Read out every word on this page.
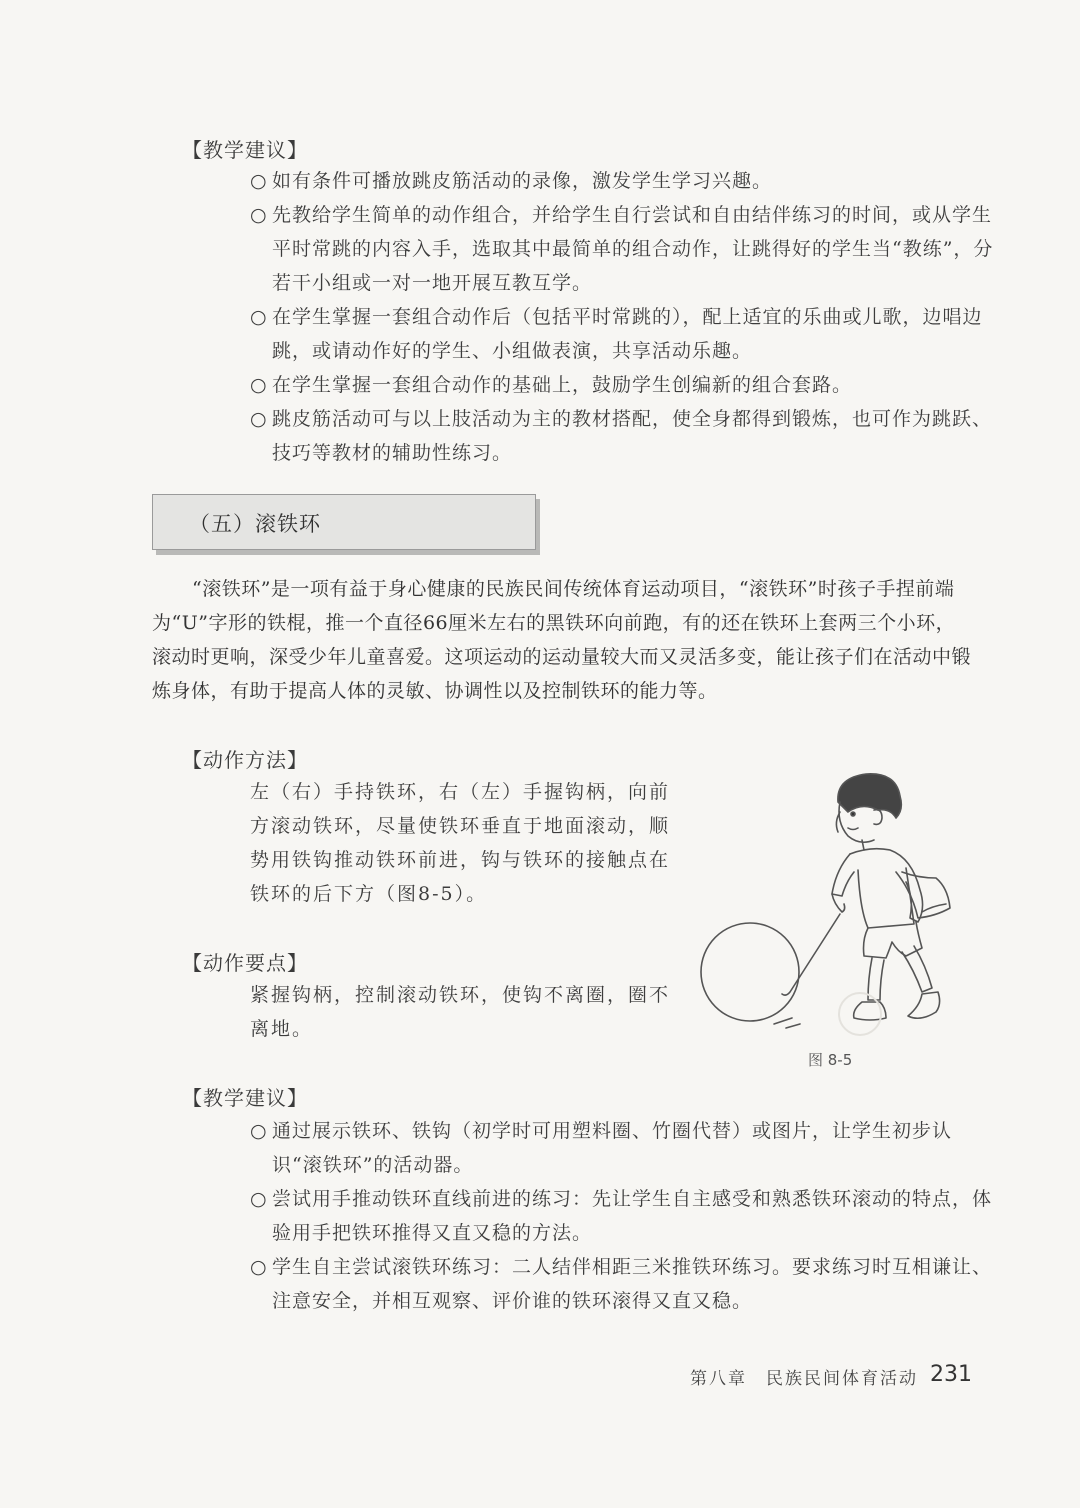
【教学建议】
○ 如有条件可播放跳皮筋活动的录像，激发学生学习兴趣。
○ 先教给学生简单的动作组合，并给学生自行尝试和自由结伴练习的时间，或从学生平时常跳的内容入手，选取其中最简单的组合动作，让跳得好的学生当“教练”，分若干小组或一对一地开展互教互学。
○ 在学生掌握一套组合动作后（包括平时常跳的），配上适宜的乐曲或儿歌，边唱边跳，或请动作好的学生、小组做表演，共享活动乐趣。
○ 在学生掌握一套组合动作的基础上，鼓励学生创编新的组合套路。
○ 跳皮筋活动可与以上肢活动为主的教材搭配，使全身都得到锻炼，也可作为跳跃、技巧等教材的辅助性练习。
（五）滚铁环
“滚铁环”是一项有益于身心健康的民族民间传统体育运动项目，“滚铁环”时孩子手捏前端为“U”字形的铁棍，推一个直径66厘米左右的黑铁环向前跑，有的还在铁环上套两三个小环，滚动时更响，深受少年儿童喜爱。这项运动的运动量较大而又灵活多变，能让孩子们在活动中锻炼身体，有助于提高人体的灵敏、协调性以及控制铁环的能力等。
【动作方法】
左（右）手持铁环，右（左）手握钩柄，向前方滚动铁环，尽量使铁环垂直于地面滚动，顺势用铁钩推动铁环前进，钩与铁环的接触点在铁环的后下方（图8-5）。
【动作要点】
紧握钩柄，控制滚动铁环，使钩不离圈，圈不离地。
图 8-5
【教学建议】
○ 通过展示铁环、铁钩（初学时可用塑料圈、竹圈代替）或图片，让学生初步认识“滚铁环”的活动器。
○ 尝试用手推动铁环直线前进的练习：先让学生自主感受和熟悉铁环滚动的特点，体验用手把铁环推得又直又稳的方法。
○ 学生自主尝试滚铁环练习：二人结伴相距三米推铁环练习。要求练习时互相谦让、注意安全，并相互观察、评价谁的铁环滚得又直又稳。
第八章　民族民间体育活动 231
